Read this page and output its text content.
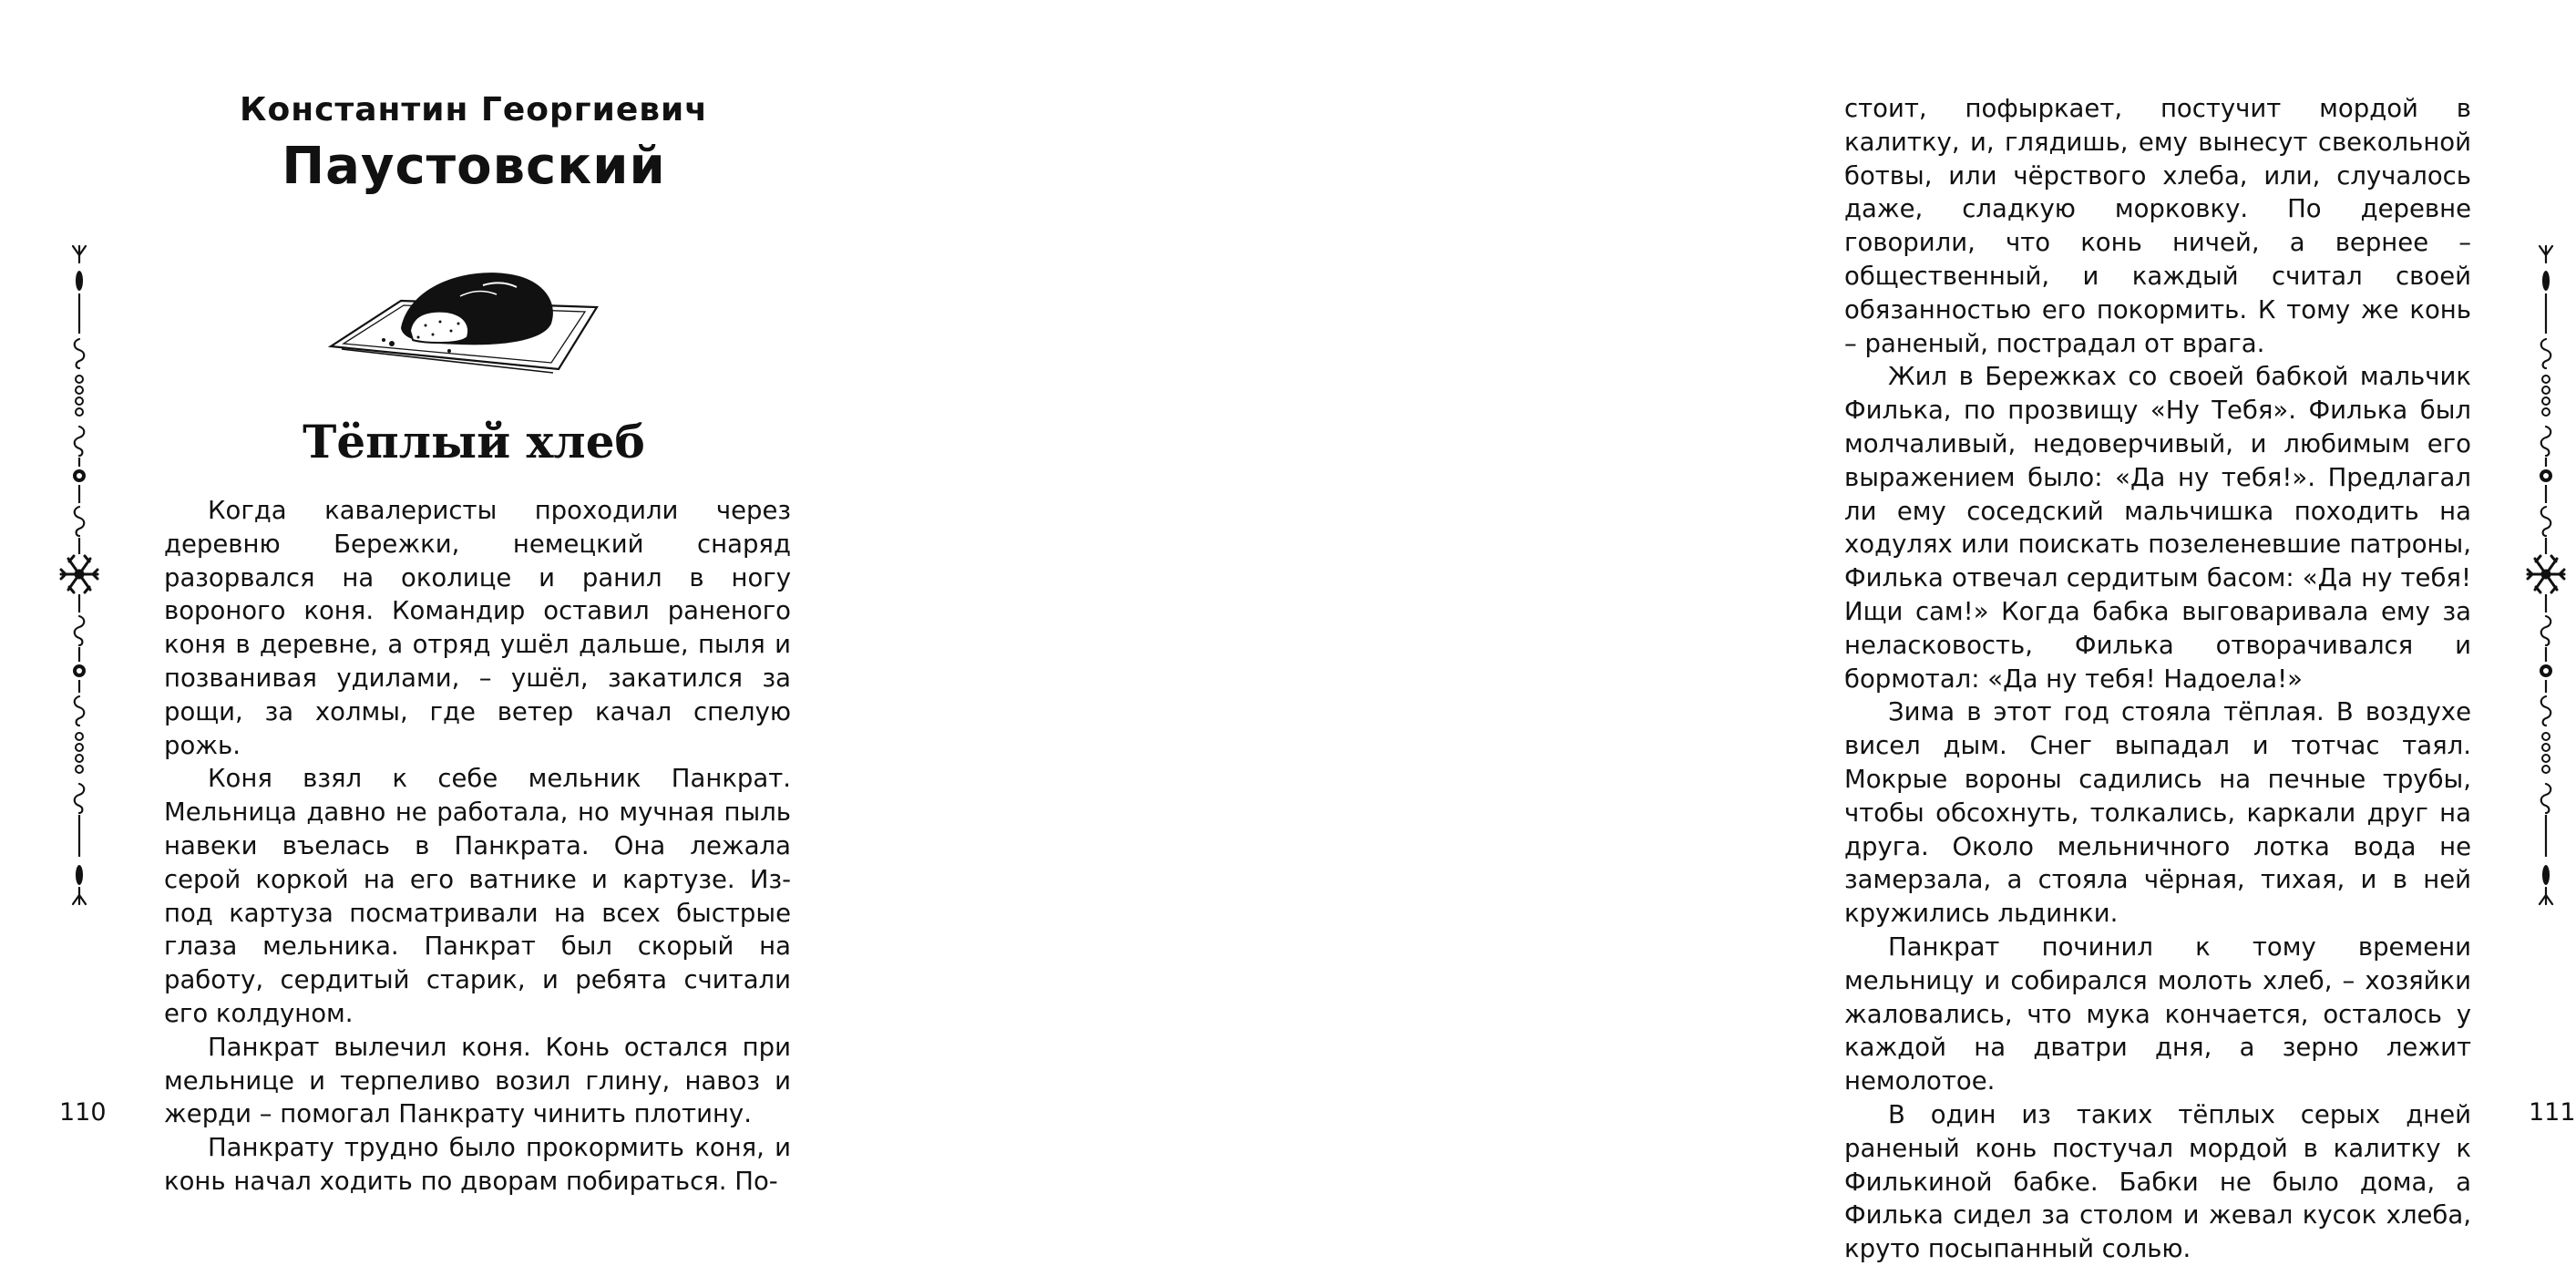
Константин Георгиевич
Паустовский
Тёплый хлеб

Когда кавалеристы проходили через деревню Бережки, немецкий снаряд разорвался на околице и ранил в ногу вороного коня. Командир оставил раненого коня в деревне, а отряд ушёл дальше, пыля и позванивая удилами, – ушёл, закатился за рощи, за холмы, где ветер качал спелую рожь.

Коня взял к себе мельник Панкрат. Мельница давно не работала, но мучная пыль навеки въелась в Панкрата. Она лежала серой коркой на его ватнике и картузе. Из-под картуза посматривали на всех быстрые глаза мельника. Панкрат был скорый на работу, сердитый старик, и ребята считали его колдуном.

Панкрат вылечил коня. Конь остался при мельнице и терпеливо возил глину, навоз и жерди – помогал Панкрату чинить плотину.

Панкрату трудно было прокормить коня, и конь начал ходить по дворам побираться. По-

110

стоит, пофыркает, постучит мордой в калитку, и, глядишь, ему вынесут свекольной ботвы, или чёрствого хлеба, или, случалось даже, сладкую морковку. По деревне говорили, что конь ничей, а вернее – общественный, и каждый считал своей обязанностью его покормить. К тому же конь – раненый, пострадал от врага.

Жил в Бережках со своей бабкой мальчик Филька, по прозвищу «Ну Тебя». Филька был молчаливый, недоверчивый, и любимым его выражением было: «Да ну тебя!». Предлагал ли ему соседский мальчишка походить на ходулях или поискать позеленевшие патроны, Филька отвечал сердитым басом: «Да ну тебя! Ищи сам!» Когда бабка выговаривала ему за неласковость, Филька отворачивался и бормотал: «Да ну тебя! Надоела!»

Зима в этот год стояла тёплая. В воздухе висел дым. Снег выпадал и тотчас таял. Мокрые вороны садились на печные трубы, чтобы обсохнуть, толкались, каркали друг на друга. Около мельничного лотка вода не замерзала, а стояла чёрная, тихая, и в ней кружились льдинки.

Панкрат починил к тому времени мельницу и собирался молоть хлеб, – хозяйки жаловались, что мука кончается, осталось у каждой на дватри дня, а зерно лежит немолотое.

В один из таких тёплых серых дней раненый конь постучал мордой в калитку к Филькиной бабке. Бабки не было дома, а Филька сидел за столом и жевал кусок хлеба, круто посыпанный солью.

111
